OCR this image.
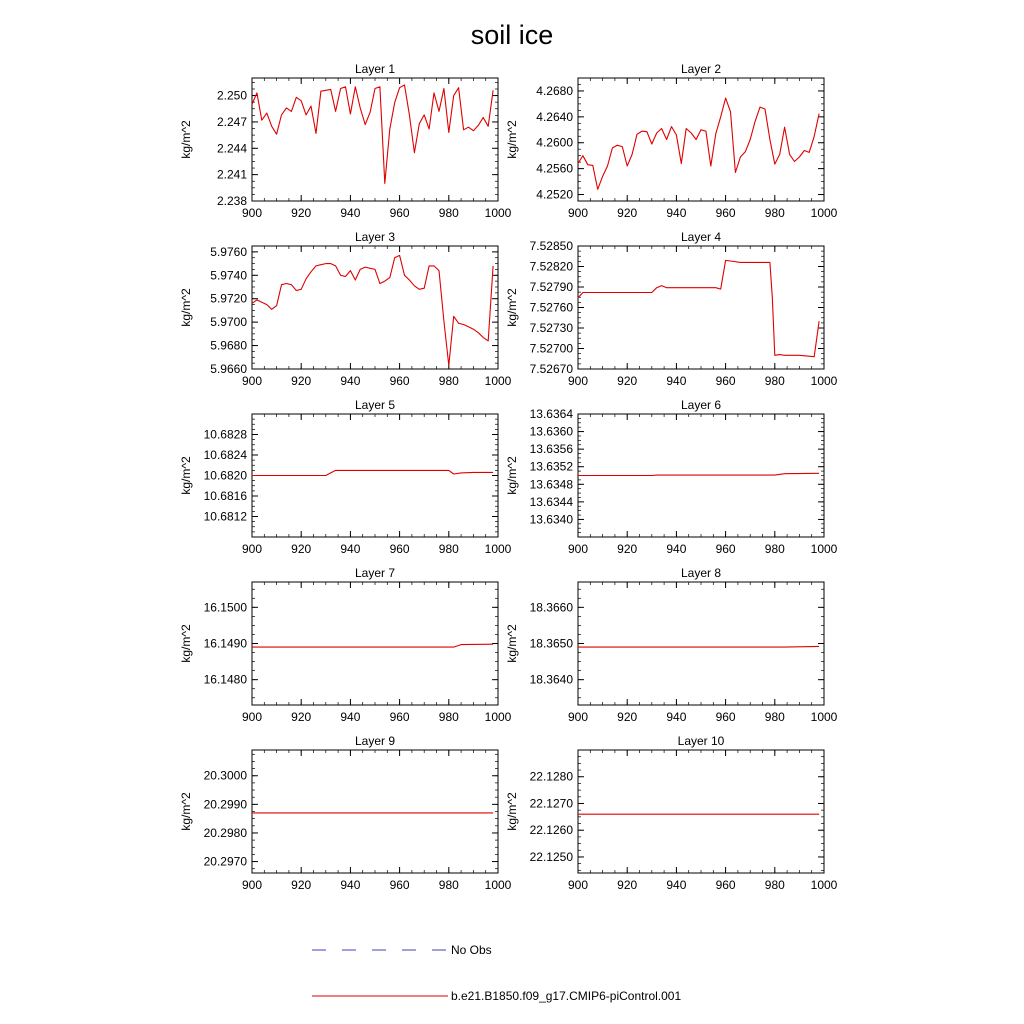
soil ice
Layer 1
900 920 940 960 980 1000
2.238
2.241
2.244
2.247
2.250
kg/m^2
Layer 2
900 920 940 960 980 1000
4.2520
4.2560
4.2600
4.2640
4.2680
kg/m^2
Layer 3
900 920 940 960 980 1000
5.9660
5.9680
5.9700
5.9720
5.9740
5.9760
kg/m^2
Layer 4
900 920 940 960 980 1000
7.52670
7.52700
7.52730
7.52760
7.52790
7.52820
7.52850
kg/m^2
Layer 5
900 920 940 960 980 1000
10.6812
10.6816
10.6820
10.6824
10.6828
kg/m^2
Layer 6
900 920 940 960 980 1000
13.6340
13.6344
13.6348
13.6352
13.6356
13.6360
13.6364
kg/m^2
Layer 7
900 920 940 960 980 1000
16.1480
16.1490
16.1500
kg/m^2
Layer 8
900 920 940 960 980 1000
18.3640
18.3650
18.3660
kg/m^2
Layer 9
900 920 940 960 980 1000
20.2970
20.2980
20.2990
20.3000
kg/m^2
Layer 10
900 920 940 960 980 1000
22.1250
22.1260
22.1270
22.1280
kg/m^2
No Obs
b.e21.B1850.f09_g17.CMIP6-piControl.001
